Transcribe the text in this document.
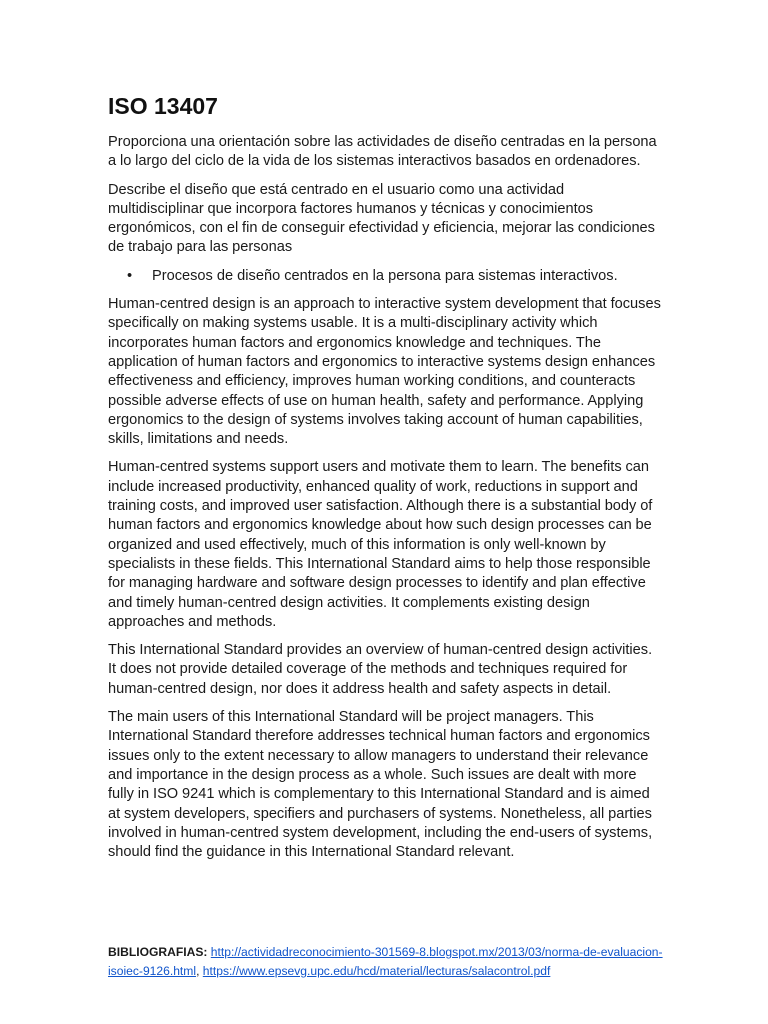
ISO 13407

Proporciona una orientación sobre las actividades de diseño centradas en la persona a lo largo del ciclo de la vida de los sistemas interactivos basados en ordenadores.

Describe el diseño que está centrado en el usuario como una actividad multidisciplinar que incorpora factores humanos y técnicas y conocimientos ergonómicos, con el fin de conseguir efectividad y eficiencia, mejorar las condiciones de trabajo para las personas

• Procesos de diseño centrados en la persona para sistemas interactivos.

Human-centred design is an approach to interactive system development that focuses specifically on making systems usable. It is a multi-disciplinary activity which incorporates human factors and ergonomics knowledge and techniques. The application of human factors and ergonomics to interactive systems design enhances effectiveness and efficiency, improves human working conditions, and counteracts possible adverse effects of use on human health, safety and performance. Applying ergonomics to the design of systems involves taking account of human capabilities, skills, limitations and needs.

Human-centred systems support users and motivate them to learn. The benefits can include increased productivity, enhanced quality of work, reductions in support and training costs, and improved user satisfaction. Although there is a substantial body of human factors and ergonomics knowledge about how such design processes can be organized and used effectively, much of this information is only well-known by specialists in these fields. This International Standard aims to help those responsible for managing hardware and software design processes to identify and plan effective and timely human-centred design activities. It complements existing design approaches and methods.

This International Standard provides an overview of human-centred design activities. It does not provide detailed coverage of the methods and techniques required for human-centred design, nor does it address health and safety aspects in detail.

The main users of this International Standard will be project managers. This International Standard therefore addresses technical human factors and ergonomics issues only to the extent necessary to allow managers to understand their relevance and importance in the design process as a whole. Such issues are dealt with more fully in ISO 9241 which is complementary to this International Standard and is aimed at system developers, specifiers and purchasers of systems. Nonetheless, all parties involved in human-centred system development, including the end-users of systems, should find the guidance in this International Standard relevant.

BIBLIOGRAFIAS: http://actividadreconocimiento-301569-8.blogspot.mx/2013/03/norma-de-evaluacion-isoiec-9126.html, https://www.epsevg.upc.edu/hcd/material/lecturas/salacontrol.pdf
